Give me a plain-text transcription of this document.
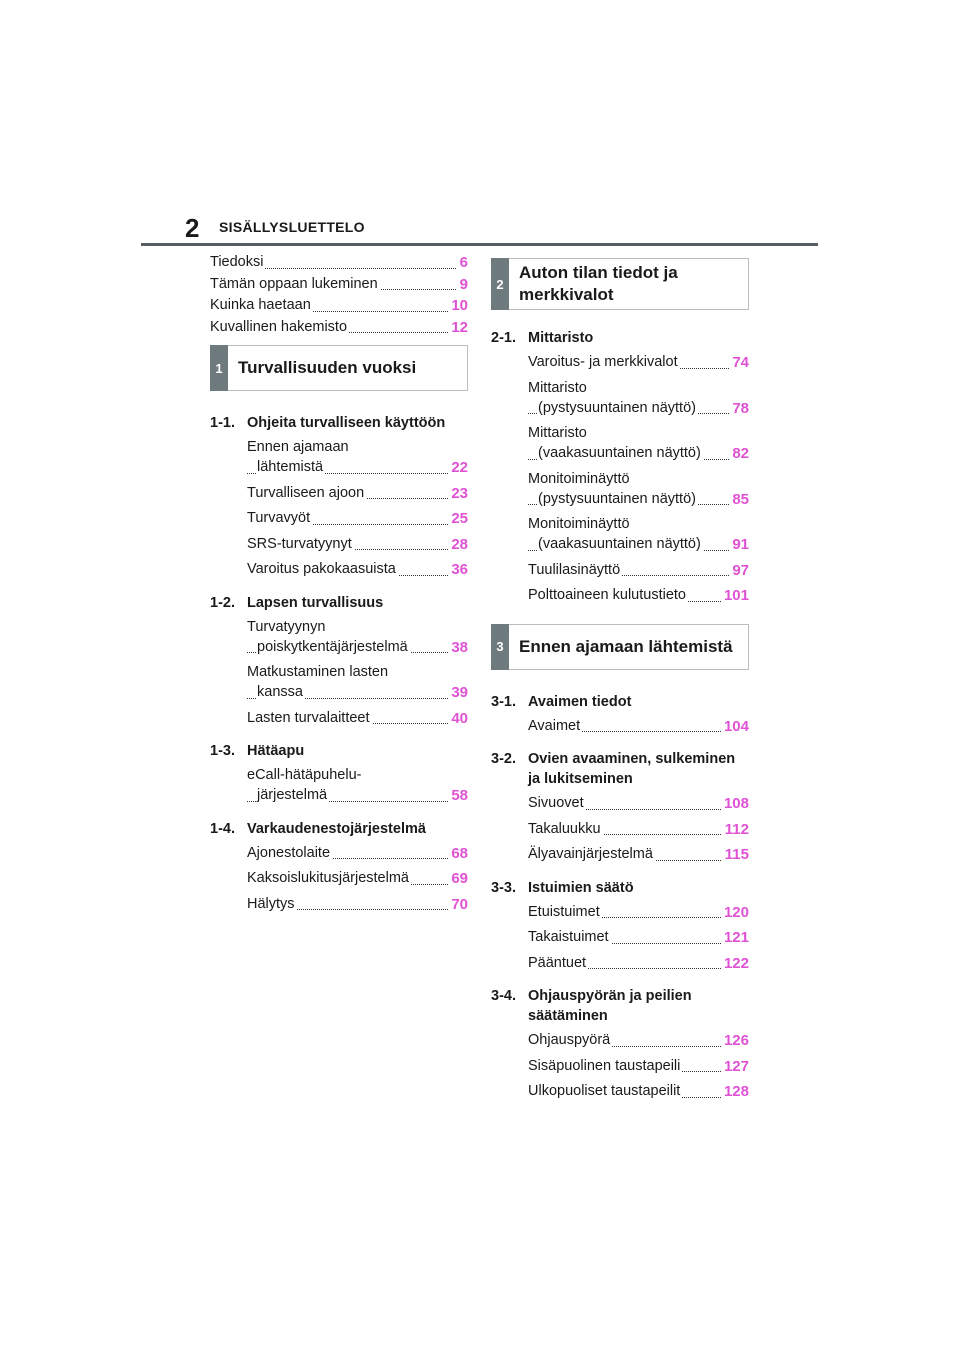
2 SISÄLLYSLUETTELO
Tiedoksi	6
Tämän oppaan lukeminen	9
Kuinka haetaan	10
Kuvallinen hakemisto	12
1 Turvallisuuden vuoksi
1-1. Ohjeita turvalliseen käyttöön
Ennen ajamaan
lähtemistä	22
Turvalliseen ajoon	23
Turvavyöt	25
SRS-turvatyynyt	28
Varoitus pakokaasuista	36
1-2. Lapsen turvallisuus
Turvatyynyn
poiskytkentäjärjestelmä	38
Matkustaminen lasten
kanssa	39
Lasten turvalaitteet	40
1-3. Hätäapu
eCall-hätäpuhelu-
järjestelmä	58
1-4. Varkaudenestojärjestelmä
Ajonestolaite	68
Kaksoislukitusjärjestelmä	69
Hälytys	70
2
Auton tilan tiedot ja merkkivalot
2-1. Mittaristo
Varoitus- ja merkkivalot	74
Mittaristo
(pystysuuntainen näyttö) 78
Mittaristo
(vaakasuuntainen näyttö) 82
Monitoiminäyttö
(pystysuuntainen näyttö) 85
Monitoiminäyttö
(vaakasuuntainen näyttö) 91
Tuulilasinäyttö	97
Polttoaineen kulutustieto	101
3 Ennen ajamaan lähtemistä
3-1. Avaimen tiedot
Avaimet	104
3-2. Ovien avaaminen, sulkeminen ja lukitseminen
Sivuovet	108
Takaluukku	112
Älyavainjärjestelmä	115
3-3. Istuimien säätö
Etuistuimet	120
Takaistuimet	121
Pääntuet	122
3-4. Ohjauspyörän ja peilien säätäminen
Ohjauspyörä	126
Sisäpuolinen taustapeili	127
Ulkopuoliset taustapeilit	128
